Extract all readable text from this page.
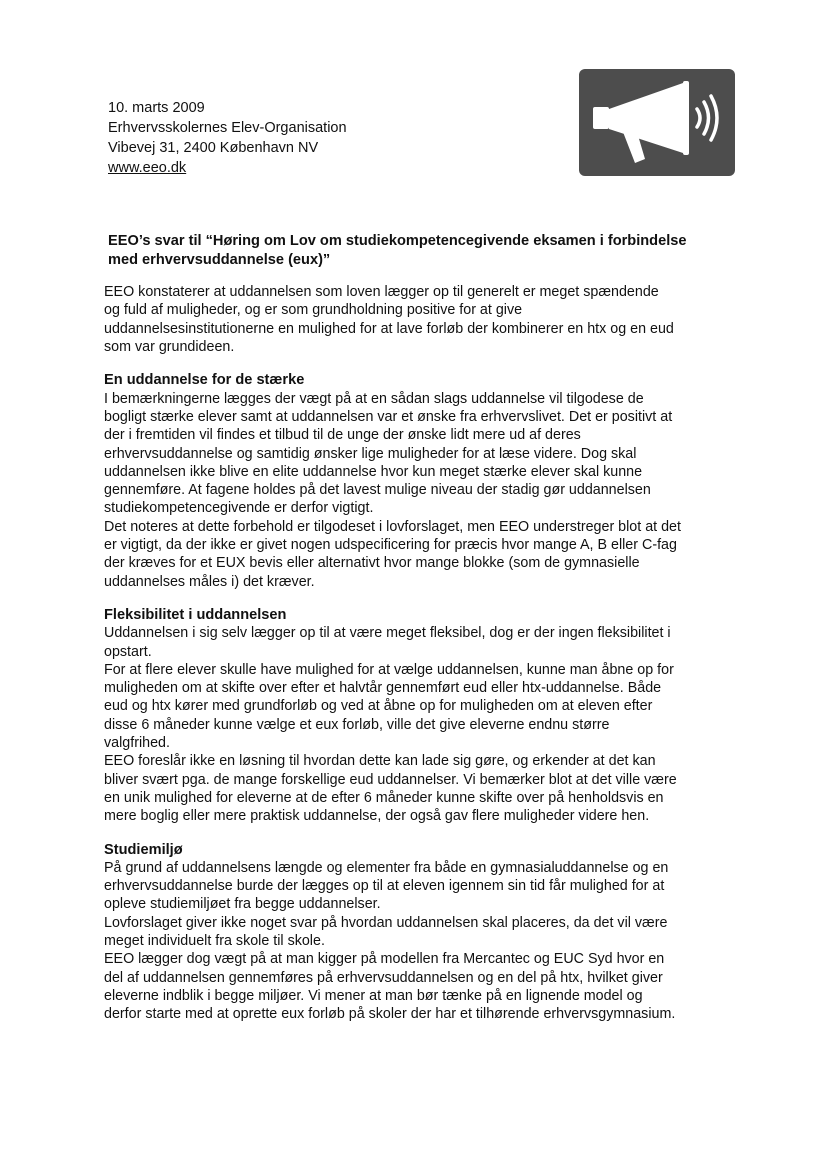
10. marts 2009
Erhvervsskolernes Elev-Organisation
Vibevej 31, 2400 København NV
www.eeo.dk
EEO’s svar til “Høring om Lov om studiekompetencegivende eksamen i forbindelse
med erhvervsuddannelse (eux)”
EEO konstaterer at uddannelsen som loven lægger op til generelt er meget spændende
og fuld af muligheder, og er som grundholdning positive for at give
uddannelsesinstitutionerne en mulighed for at lave forløb der kombinerer en htx og en eud
som var grundideen.
En uddannelse for de stærke
I bemærkningerne lægges der vægt på at en sådan slags uddannelse vil tilgodese de
bogligt stærke elever samt at uddannelsen var et ønske fra erhvervslivet. Det er positivt at
der i fremtiden vil findes et tilbud til de unge der ønske lidt mere ud af deres
erhvervsuddannelse og samtidig ønsker lige muligheder for at læse videre. Dog skal
uddannelsen ikke blive en elite uddannelse hvor kun meget stærke elever skal kunne
gennemføre. At fagene holdes på det lavest mulige niveau der stadig gør uddannelsen
studiekompetencegivende er derfor vigtigt.
Det noteres at dette forbehold er tilgodeset i lovforslaget, men EEO understreger blot at det
er vigtigt, da der ikke er givet nogen udspecificering for præcis hvor mange A, B eller C-fag
der kræves for et EUX bevis eller alternativt hvor mange blokke (som de gymnasielle
uddannelses måles i) det kræver.
Fleksibilitet i uddannelsen
Uddannelsen i sig selv lægger op til at være meget fleksibel, dog er der ingen fleksibilitet i
opstart.
For at flere elever skulle have mulighed for at vælge uddannelsen, kunne man åbne op for
muligheden om at skifte over efter et halvtår gennemført eud eller htx-uddannelse. Både
eud og htx kører med grundforløb og ved at åbne op for muligheden om at eleven efter
disse 6 måneder kunne vælge et eux forløb, ville det give eleverne endnu større
valgfrihed.
EEO foreslår ikke en løsning til hvordan dette kan lade sig gøre, og erkender at det kan
bliver svært pga. de mange forskellige eud uddannelser. Vi bemærker blot at det ville være
en unik mulighed for eleverne at de efter 6 måneder kunne skifte over på henholdsvis en
mere boglig eller mere praktisk uddannelse, der også gav flere muligheder videre hen.
Studiemiljø
På grund af uddannelsens længde og elementer fra både en gymnasialuddannelse og en
erhvervsuddannelse burde der lægges op til at eleven igennem sin tid får mulighed for at
opleve studiemiljøet fra begge uddannelser.
Lovforslaget giver ikke noget svar på hvordan uddannelsen skal placeres, da det vil være
meget individuelt fra skole til skole.
EEO lægger dog vægt på at man kigger på modellen fra Mercantec og EUC Syd hvor en
del af uddannelsen gennemføres på erhvervsuddannelsen og en del på htx, hvilket giver
eleverne indblik i begge miljøer. Vi mener at man bør tænke på en lignende model og
derfor starte med at oprette eux forløb på skoler der har et tilhørende erhvervsgymnasium.
